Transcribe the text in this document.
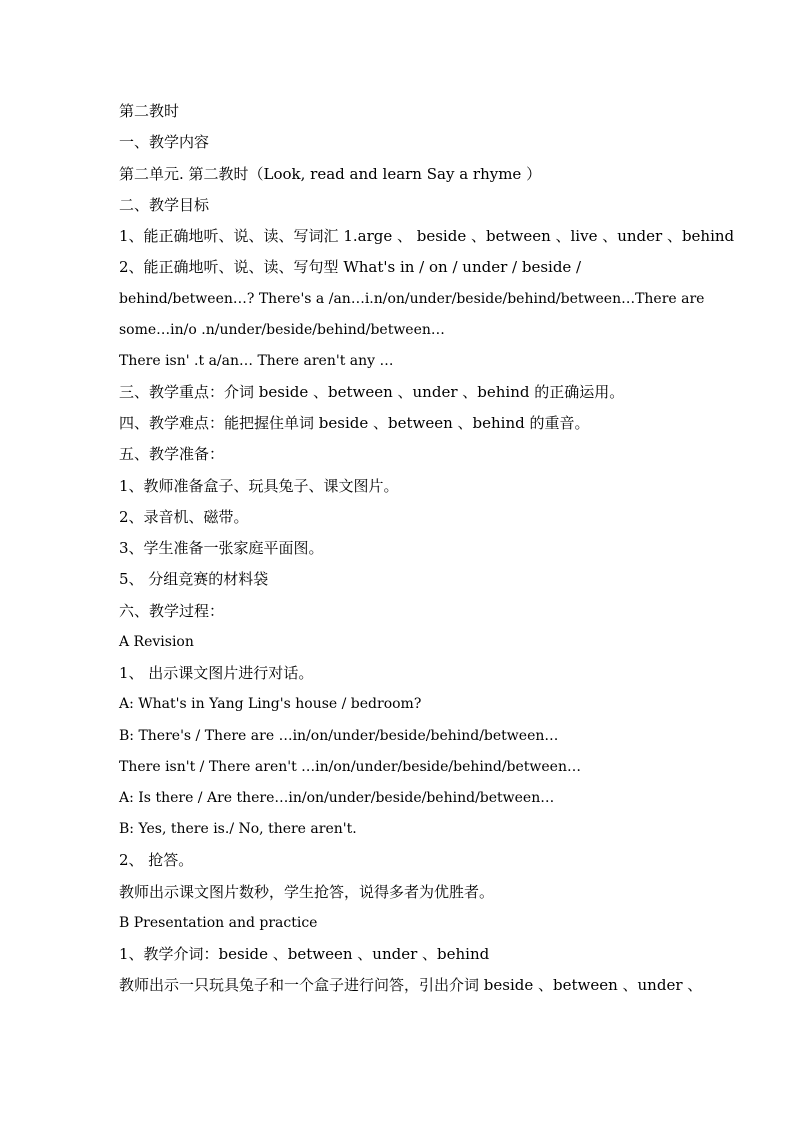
第二教时
一、教学内容
第二单元. 第二教时（Look, read and learn Say a rhyme ）
二、教学目标
1、能正确地听、说、读、写词汇 1.arge 、 beside 、between 、live 、under 、behind
2、能正确地听、说、读、写句型 What's in / on / under / beside /
behind/between…? There's a /an…i.n/on/under/beside/behind/between…There are
some…in/o .n/under/beside/behind/between…
There isn' .t a/an… There aren't any …
三、教学重点：介词 beside 、between 、under 、behind 的正确运用。
四、教学难点：能把握住单词 beside 、between 、behind 的重音。
五、教学准备：
1、教师准备盒子、玩具兔子、课文图片。
2、录音机、磁带。
3、学生准备一张家庭平面图。
5、 分组竞赛的材料袋
六、教学过程：
A Revision
1、 出示课文图片进行对话。
A: What's in Yang Ling's house / bedroom?
B: There's / There are …in/on/under/beside/behind/between…
There isn't / There aren't …in/on/under/beside/behind/between…
A: Is there / Are there…in/on/under/beside/behind/between…
B: Yes, there is./ No, there aren't.
2、 抢答。
教师出示课文图片数秒，学生抢答，说得多者为优胜者。
B Presentation and practice
1、教学介词：beside 、between 、under 、behind
教师出示一只玩具兔子和一个盒子进行问答，引出介词 beside 、between 、under 、
